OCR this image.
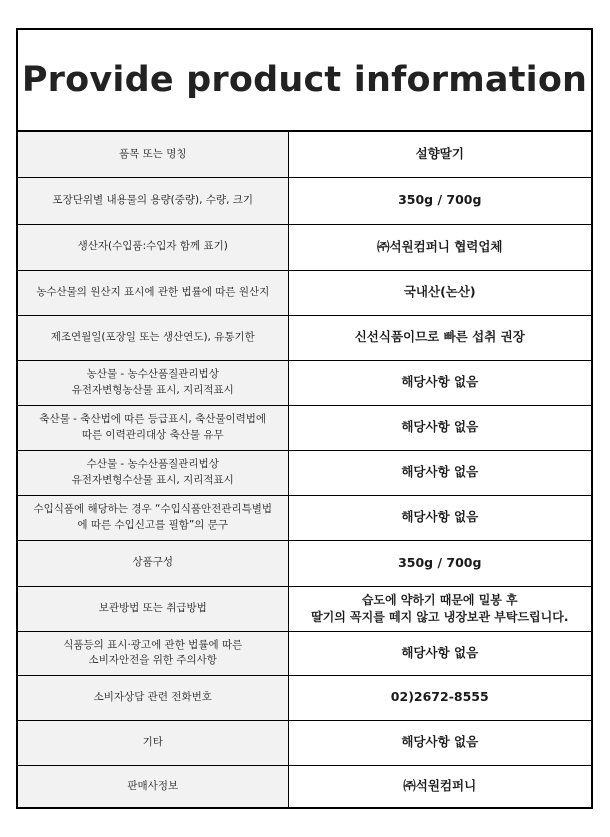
Provide product information
품목 또는 명칭	설향딸기

포장단위별 내용물의 용량(중량), 수량, 크기	350g / 700g

생산자(수입품:수입자 함께 표기)	㈜석원컴퍼니 협력업체

농수산물의 원산지 표시에 관한 법률에 따른 원산지	국내산(논산)

제조연월일(포장일 또는 생산연도), 유통기한	신선식품이므로 빠른 섭취 권장

농산물 - 농수산품질관리법상
유전자변형농산물 표시, 지리적표시	해당사항 없음

축산물 - 축산법에 따른 등급표시, 축산물이력법에
따른 이력관리대상 축산물 유무	해당사항 없음

수산물 - 농수산품질관리법상
유전자변형수산물 표시, 지리적표시	해당사항 없음

수입식품에 해당하는 경우 “수입식품안전관리특별법
에 따른 수입신고를 필함”의 문구	해당사항 없음

상품구성	350g / 700g

보관방법 또는 취급방법	습도에 약하기 때문에 밀봉 후
딸기의 꼭지를 떼지 않고 냉장보관 부탁드립니다.

식품등의 표시·광고에 관한 법률에 따른
소비자안전을 위한 주의사항	해당사항 없음

소비자상담 관련 전화번호	02)2672-8555

기타	해당사항 없음

판매사정보	㈜석원컴퍼니
